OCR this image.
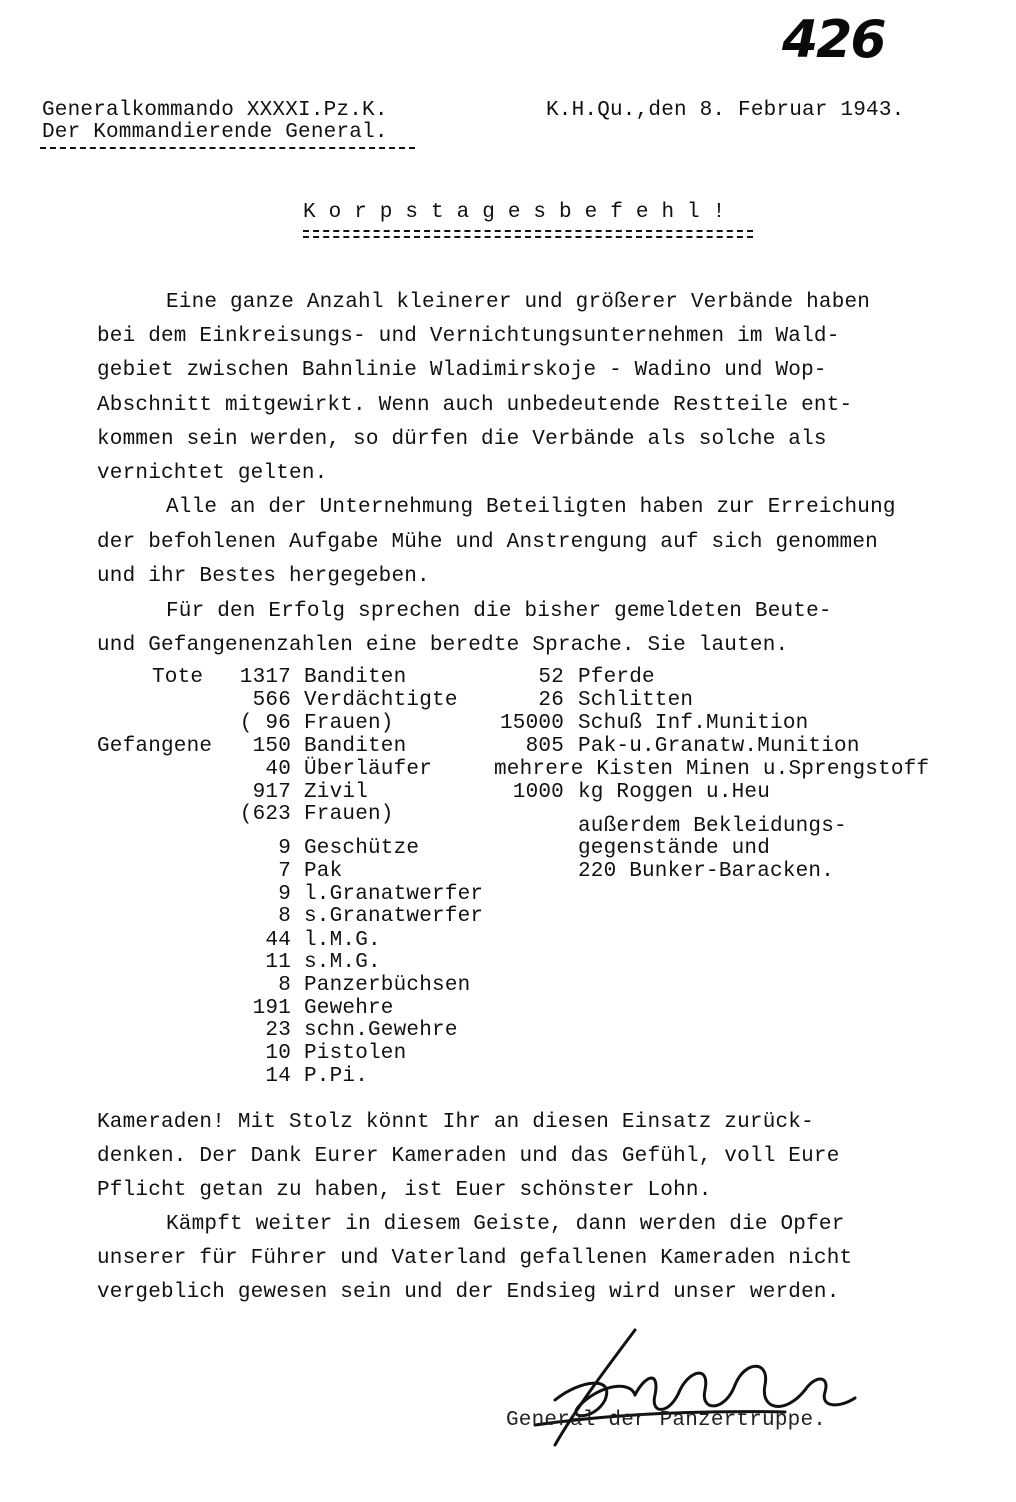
426
Generalkommando XXXXI.Pz.K.
Der Kommandierende General.
K.H.Qu.,den 8. Februar 1943.
K o r p s t a g e s b e f e h l !
Eine ganze Anzahl kleinerer und größerer Verbände haben
bei dem Einkreisungs- und Vernichtungsunternehmen im Wald-
gebiet zwischen Bahnlinie Wladimirskoje - Wadino und Wop-
Abschnitt mitgewirkt. Wenn auch unbedeutende Restteile ent-
kommen sein werden, so dürfen die Verbände als solche als
vernichtet gelten.
Alle an der Unternehmung Beteiligten haben zur Erreichung
der befohlenen Aufgabe Mühe und Anstrengung auf sich genommen
und ihr Bestes hergegeben.
Für den Erfolg sprechen die bisher gemeldeten Beute-
und Gefangenenzahlen eine beredte Sprache. Sie lauten.
Tote
Gefangene
1317
566
( 96
150
40
917
(623
Banditen
Verdächtigte
Frauen)
Banditen
Überläufer
Zivil
Frauen)
9
7
9
8
44
11
8
191
23
10
14
Geschütze
Pak
l.Granatwerfer
s.Granatwerfer
l.M.G.
s.M.G.
Panzerbüchsen
Gewehre
schn.Gewehre
Pistolen
P.Pi.
52
26
15000
805
1000
Pferde
Schlitten
Schuß Inf.Munition
Pak-u.Granatw.Munition
mehrere Kisten Minen u.Sprengstoff
kg Roggen u.Heu
außerdem Bekleidungs-
gegenstände und
220 Bunker-Baracken.
Kameraden! Mit Stolz könnt Ihr an diesen Einsatz zurück-
denken. Der Dank Eurer Kameraden und das Gefühl, voll Eure
Pflicht getan zu haben, ist Euer schönster Lohn.
Kämpft weiter in diesem Geiste, dann werden die Opfer
unserer für Führer und Vaterland gefallenen Kameraden nicht
vergeblich gewesen sein und der Endsieg wird unser werden.
General der Panzertruppe.
